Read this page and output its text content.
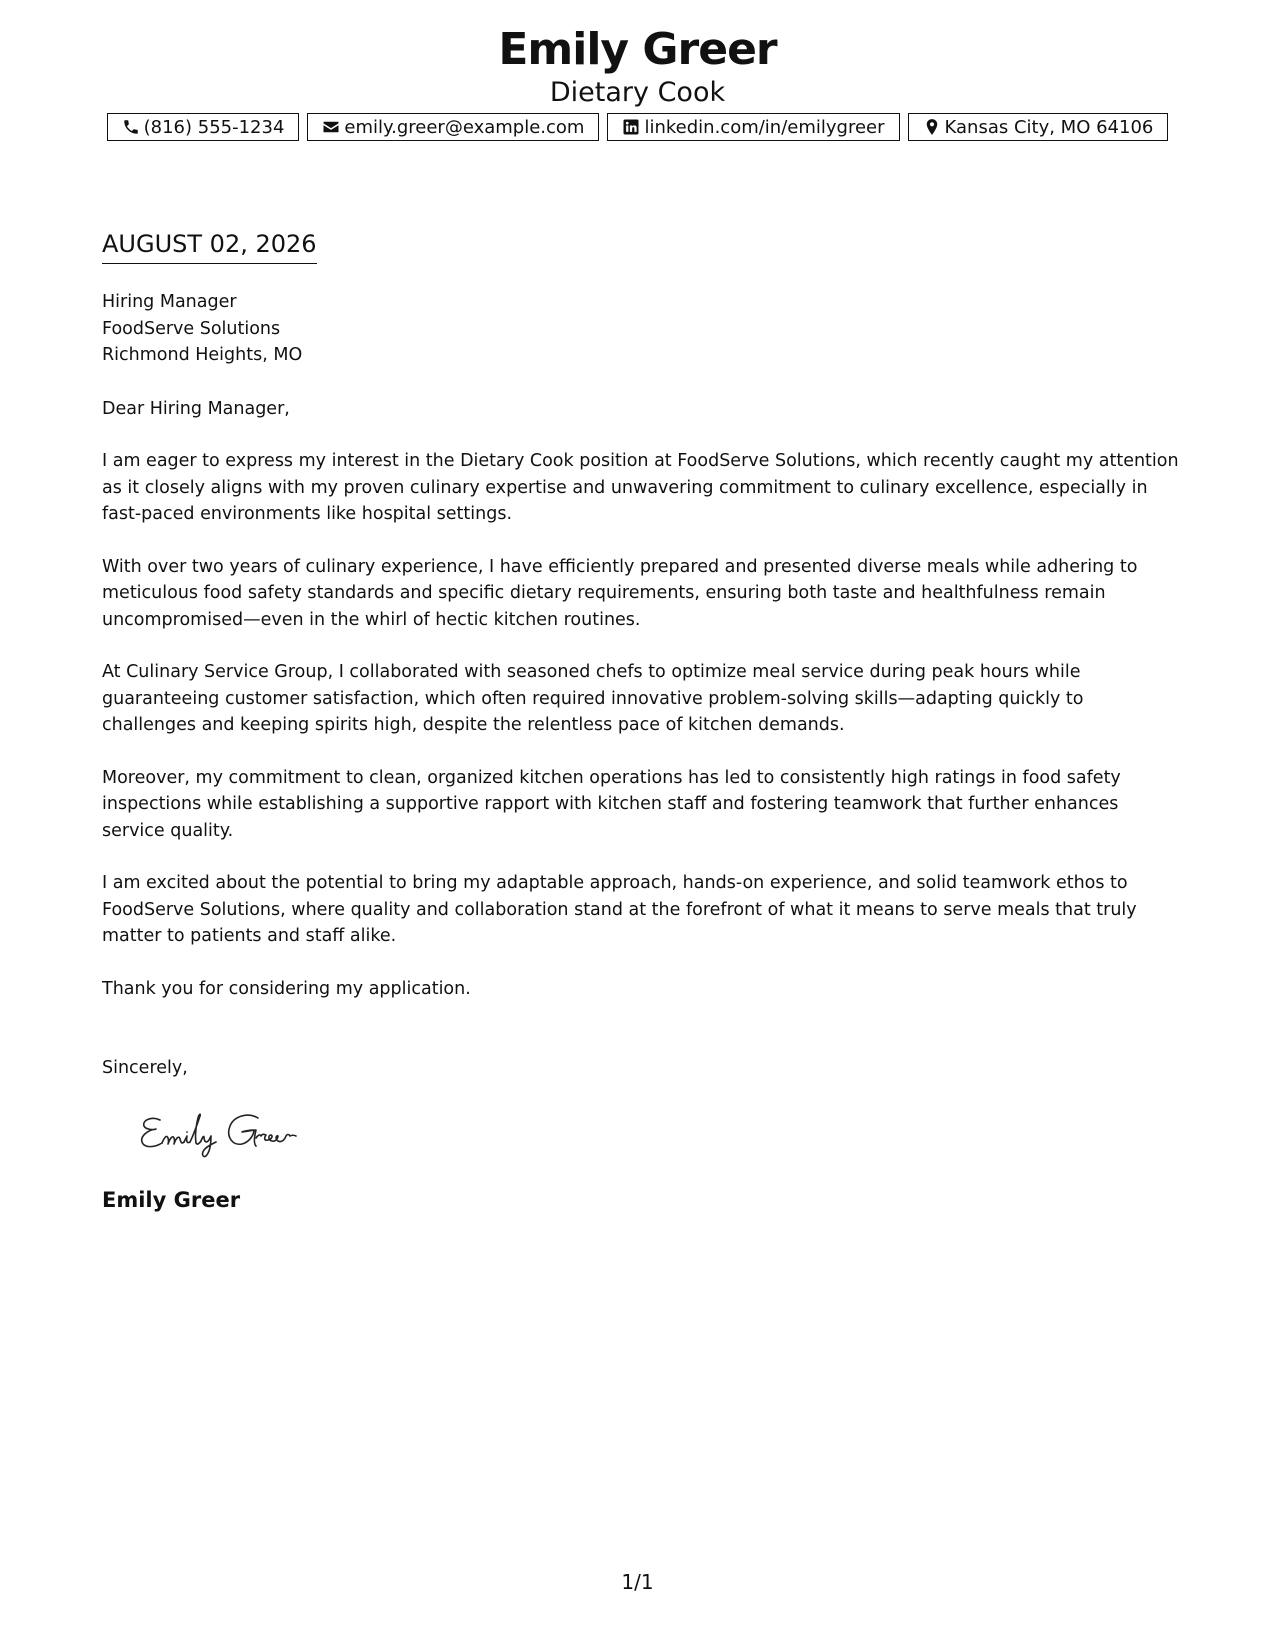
Emily Greer
Dietary Cook
(816) 555-1234	emily.greer@example.com	linkedin.com/in/emilygreer	Kansas City, MO 64106
AUGUST 02, 2026
Hiring Manager
FoodServe Solutions
Richmond Heights, MO
Dear Hiring Manager,
I am eager to express my interest in the Dietary Cook position at FoodServe Solutions, which recently caught my attention as it closely aligns with my proven culinary expertise and unwavering commitment to culinary excellence, especially in fast-paced environments like hospital settings.
With over two years of culinary experience, I have efficiently prepared and presented diverse meals while adhering to meticulous food safety standards and specific dietary requirements, ensuring both taste and healthfulness remain uncompromised—even in the whirl of hectic kitchen routines.
At Culinary Service Group, I collaborated with seasoned chefs to optimize meal service during peak hours while guaranteeing customer satisfaction, which often required innovative problem-solving skills—adapting quickly to challenges and keeping spirits high, despite the relentless pace of kitchen demands.
Moreover, my commitment to clean, organized kitchen operations has led to consistently high ratings in food safety inspections while establishing a supportive rapport with kitchen staff and fostering teamwork that further enhances service quality.
I am excited about the potential to bring my adaptable approach, hands-on experience, and solid teamwork ethos to FoodServe Solutions, where quality and collaboration stand at the forefront of what it means to serve meals that truly matter to patients and staff alike.
Thank you for considering my application.
Sincerely,
Emily Greer
1/1
